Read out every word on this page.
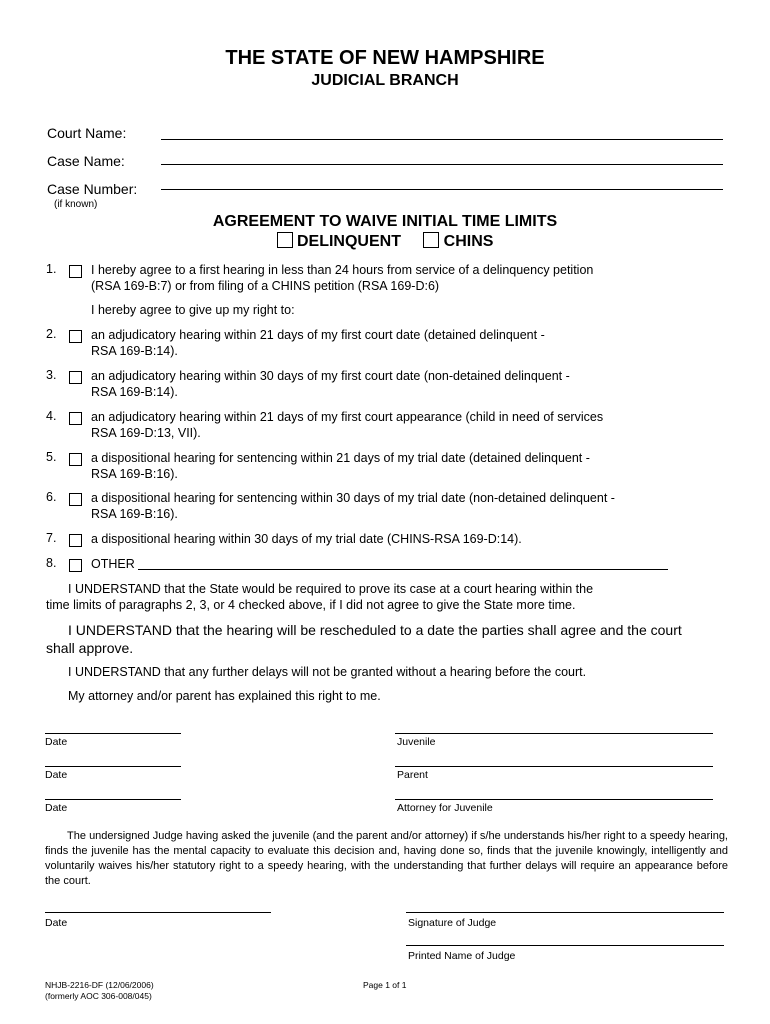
THE STATE OF NEW HAMPSHIRE
JUDICIAL BRANCH
Court Name:
Case Name:
Case Number:
(if known)
AGREEMENT TO WAIVE INITIAL TIME LIMITS
DELINQUENT	CHINS
1.	I hereby agree to a first hearing in less than 24 hours from service of a delinquency petition
(RSA 169-B:7) or from filing of a CHINS petition (RSA 169-D:6)
I hereby agree to give up my right to:
2.	an adjudicatory hearing within 21 days of my first court date (detained delinquent -
RSA 169-B:14).
3.	an adjudicatory hearing within 30 days of my first court date (non-detained delinquent -
RSA 169-B:14).
4.	an adjudicatory hearing within 21 days of my first court appearance (child in need of services
RSA 169-D:13, VII).
5.	a dispositional hearing for sentencing within 21 days of my trial date (detained delinquent -
RSA 169-B:16).
6.	a dispositional hearing for sentencing within 30 days of my trial date (non-detained delinquent -
RSA 169-B:16).
7.	a dispositional hearing within 30 days of my trial date (CHINS-RSA 169-D:14).
8.	OTHER
I UNDERSTAND that the State would be required to prove its case at a court hearing within the
time limits of paragraphs 2, 3, or 4 checked above, if I did not agree to give the State more time.
I UNDERSTAND that the hearing will be rescheduled to a date the parties shall agree and the court
shall approve.
I UNDERSTAND that any further delays will not be granted without a hearing before the court.
My attorney and/or parent has explained this right to me.
Date	Juvenile
Date	Parent
Date	Attorney for Juvenile
The undersigned Judge having asked the juvenile (and the parent and/or attorney) if s/he understands his/her right to a speedy hearing, finds the juvenile has the mental capacity to evaluate this decision and, having done so, finds that the juvenile knowingly, intelligently and voluntarily waives his/her statutory right to a speedy hearing, with the understanding that further delays will require an appearance before the court.
Date	Signature of Judge
Printed Name of Judge
NHJB-2216-DF (12/06/2006)
(formerly AOC 306-008/045)
Page 1 of 1
